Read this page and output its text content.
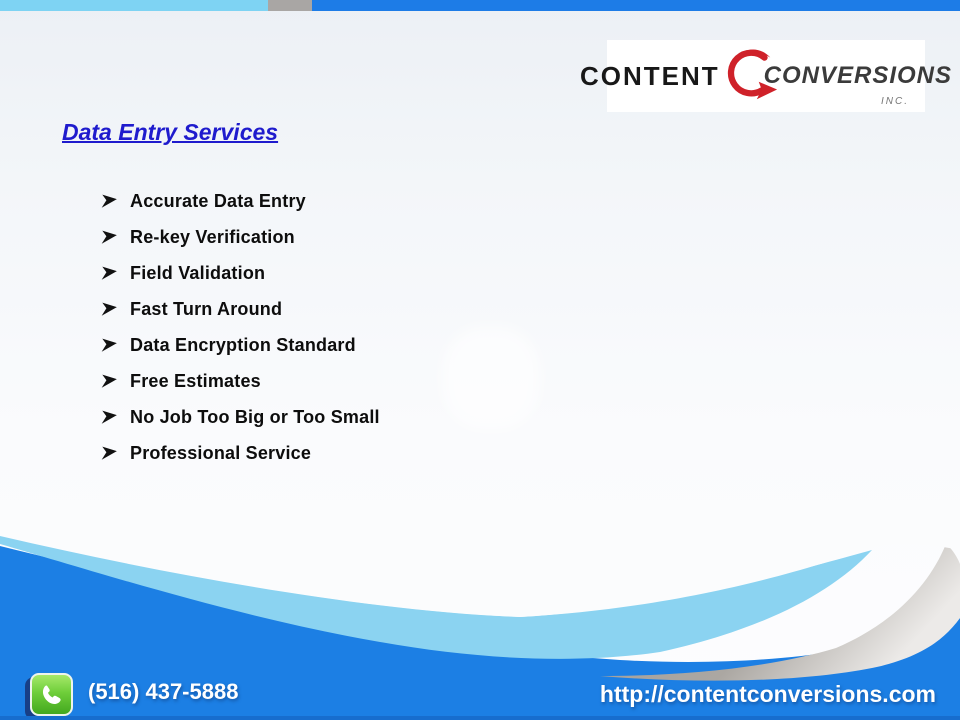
CONTENT CONVERSIONS
INC.
Data Entry Services
Accurate Data Entry
Re-key Verification
Field Validation
Fast Turn Around
Data Encryption Standard
Free Estimates
No Job Too Big or Too Small
Professional Service
(516) 437-5888	http://contentconversions.com
